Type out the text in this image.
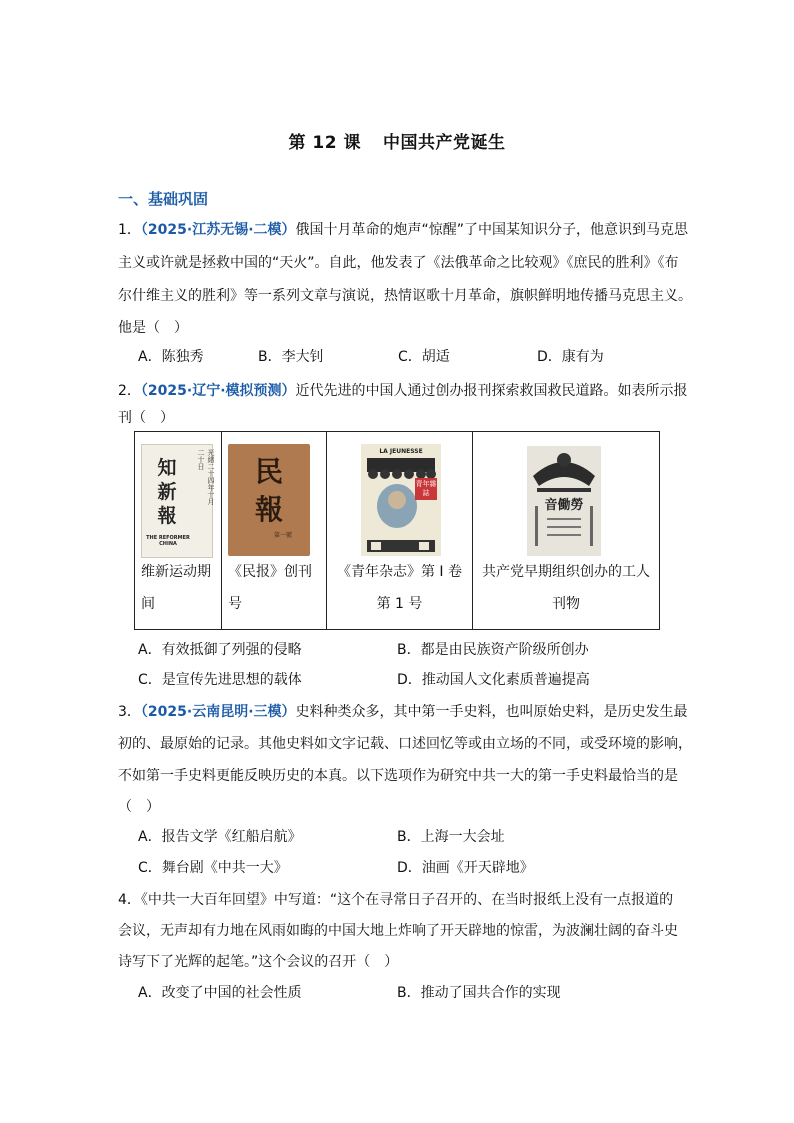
第 12 课 中国共产党诞生
一、基础巩固
1．（2025·江苏无锡·二模）俄国十月革命的炮声“惊醒”了中国某知识分子，他意识到马克思
主义或许就是拯救中国的“天火”。自此，他发表了《法俄革命之比较观》《庶民的胜利》《布
尔什维主义的胜利》等一系列文章与演说，热情讴歌十月革命，旗帜鲜明地传播马克思主义。
他是（　）
A．陈独秀	B．李大钊	C．胡适	D．康有为
2．（2025·辽宁·模拟预测）近代先进的中国人通过创办报刊探索救国救民道路。如表所示报
刊（　）
知
新
報
光緒二十四年十月二十日
THE REFORMER CHINA
维新运动期
间

民
報
第一號
《民报》创刊
号

LA JEUNESSE
青年雜誌
《青年杂志》第 I 卷
第 1 号

音働勞
共产党早期组织创办的工人
刊物
A．有效抵御了列强的侵略	B．都是由民族资产阶级所创办
C．是宣传先进思想的载体	D．推动国人文化素质普遍提高
3．（2025·云南昆明·三模）史料种类众多，其中第一手史料，也叫原始史料，是历史发生最
初的、最原始的记录。其他史料如文字记载、口述回忆等或由立场的不同，或受环境的影响，
不如第一手史料更能反映历史的本真。以下选项作为研究中共一大的第一手史料最恰当的是
（　）
A．报告文学《红船启航》	B．上海一大会址
C．舞台剧《中共一大》	D．油画《开天辟地》
4．《中共一大百年回望》中写道：“这个在寻常日子召开的、在当时报纸上没有一点报道的
会议，无声却有力地在风雨如晦的中国大地上炸响了开天辟地的惊雷，为波澜壮阔的奋斗史
诗写下了光辉的起笔。”这个会议的召开（　）
A．改变了中国的社会性质	B．推动了国共合作的实现
